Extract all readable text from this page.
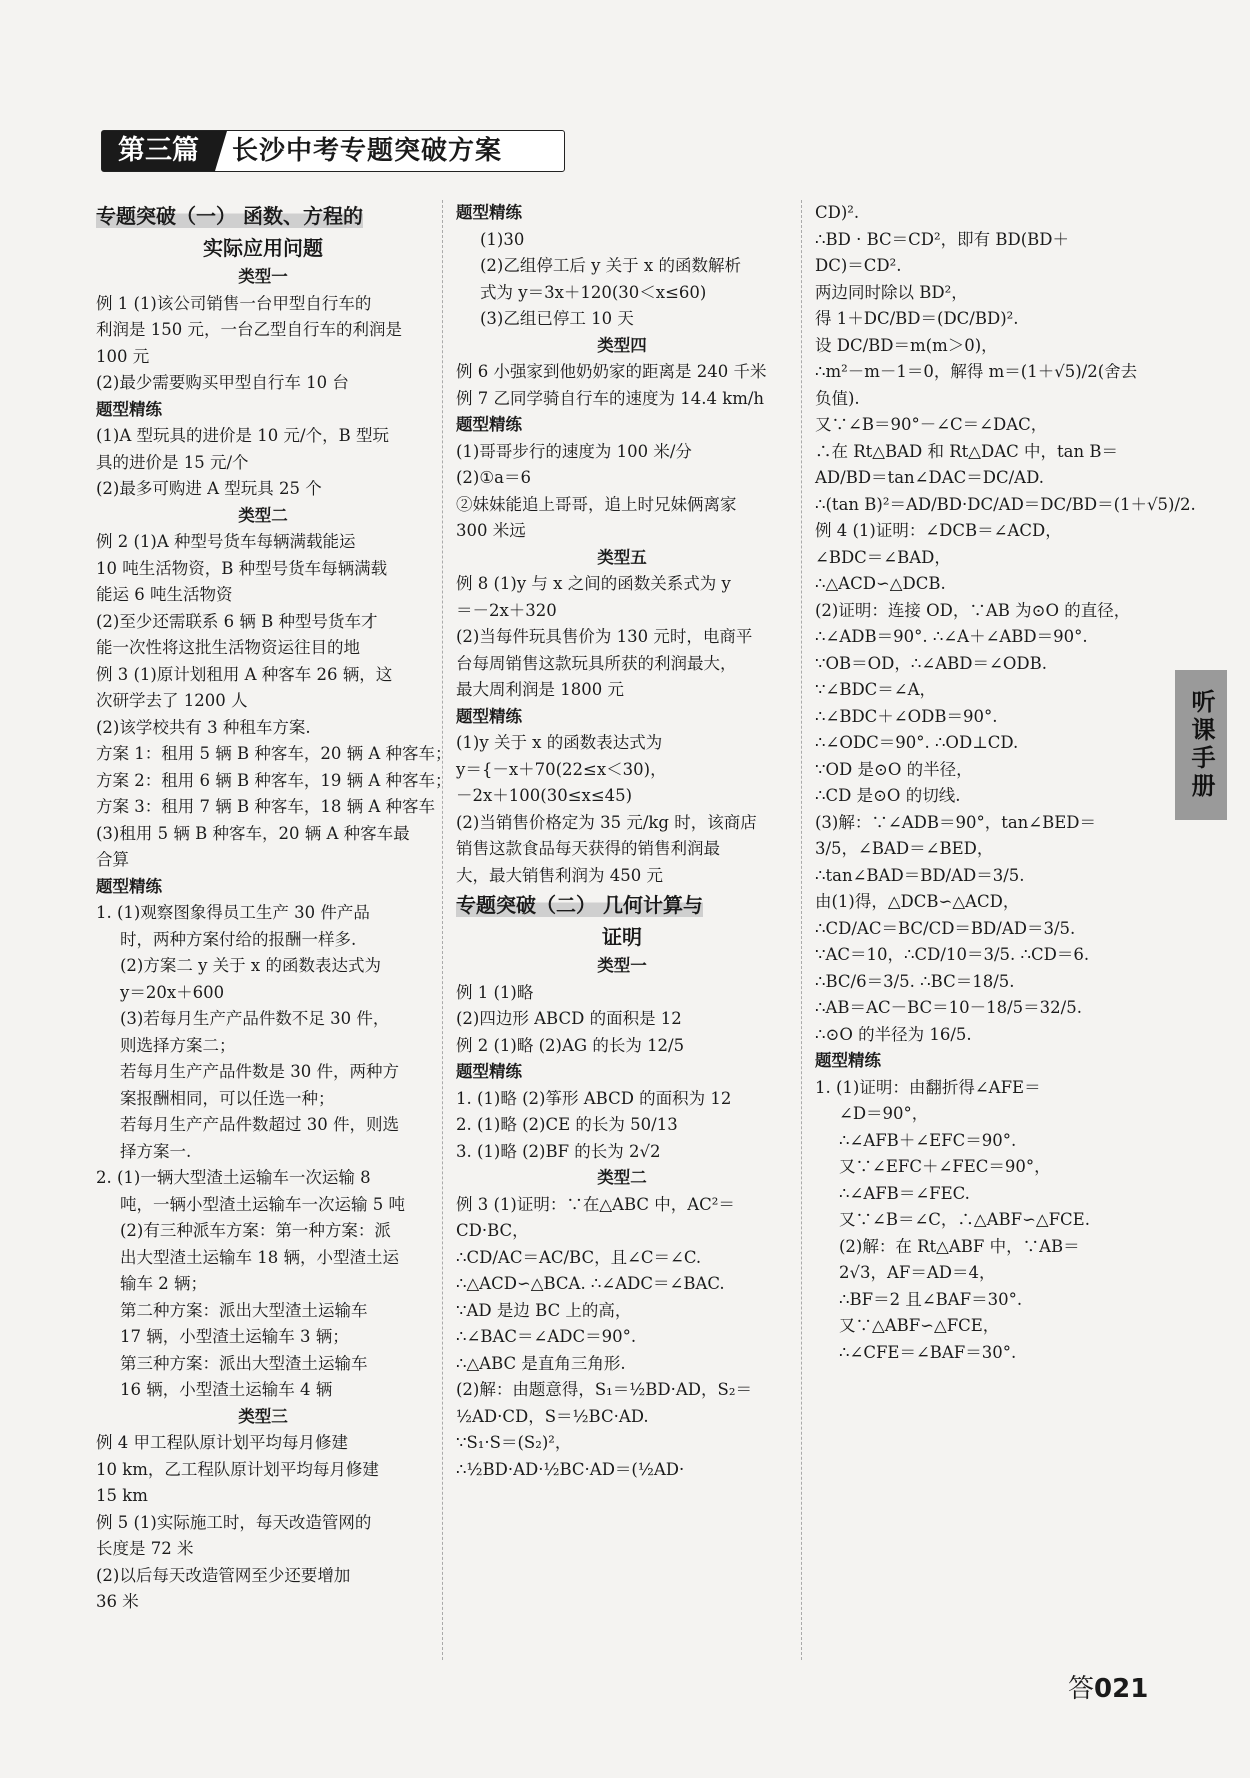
第三篇	长沙中考专题突破方案
专题突破（一） 函数、方程的
实际应用问题
类型一
例 1 (1)该公司销售一台甲型自行车的
利润是 150 元，一台乙型自行车的利润是
100 元
(2)最少需要购买甲型自行车 10 台
题型精练
(1)A 型玩具的进价是 10 元/个，B 型玩
具的进价是 15 元/个
(2)最多可购进 A 型玩具 25 个
类型二
例 2 (1)A 种型号货车每辆满载能运
10 吨生活物资，B 种型号货车每辆满载
能运 6 吨生活物资
(2)至少还需联系 6 辆 B 种型号货车才
能一次性将这批生活物资运往目的地
例 3 (1)原计划租用 A 种客车 26 辆，这
次研学去了 1200 人
(2)该学校共有 3 种租车方案.
方案 1：租用 5 辆 B 种客车，20 辆 A 种客车；
方案 2：租用 6 辆 B 种客车，19 辆 A 种客车；
方案 3：租用 7 辆 B 种客车，18 辆 A 种客车
(3)租用 5 辆 B 种客车，20 辆 A 种客车最
合算
题型精练
1. (1)观察图象得员工生产 30 件产品
时，两种方案付给的报酬一样多.
(2)方案二 y 关于 x 的函数表达式为
y＝20x＋600
(3)若每月生产产品件数不足 30 件，
则选择方案二；
若每月生产产品件数是 30 件，两种方
案报酬相同，可以任选一种；
若每月生产产品件数超过 30 件，则选
择方案一.
2. (1)一辆大型渣土运输车一次运输 8
吨，一辆小型渣土运输车一次运输 5 吨
(2)有三种派车方案：第一种方案：派
出大型渣土运输车 18 辆，小型渣土运
输车 2 辆；
第二种方案：派出大型渣土运输车
17 辆，小型渣土运输车 3 辆；
第三种方案：派出大型渣土运输车
16 辆，小型渣土运输车 4 辆
类型三
例 4 甲工程队原计划平均每月修建
10 km，乙工程队原计划平均每月修建
15 km
例 5 (1)实际施工时，每天改造管网的
长度是 72 米
(2)以后每天改造管网至少还要增加
36 米
题型精练
(1)30
(2)乙组停工后 y 关于 x 的函数解析
式为 y＝3x＋120(30＜x≤60)
(3)乙组已停工 10 天
类型四
例 6 小强家到他奶奶家的距离是 240 千米
例 7 乙同学骑自行车的速度为 14.4 km/h
题型精练
(1)哥哥步行的速度为 100 米/分
(2)①a＝6
②妹妹能追上哥哥，追上时兄妹俩离家
300 米远
类型五
例 8 (1)y 与 x 之间的函数关系式为 y
＝－2x＋320
(2)当每件玩具售价为 130 元时，电商平
台每周销售这款玩具所获的利润最大，
最大周利润是 1800 元
题型精练
(1)y 关于 x 的函数表达式为
y＝{－x＋70(22≤x＜30)，
－2x＋100(30≤x≤45)
(2)当销售价格定为 35 元/kg 时，该商店
销售这款食品每天获得的销售利润最
大，最大销售利润为 450 元
专题突破（二） 几何计算与
证明
类型一
例 1 (1)略
(2)四边形 ABCD 的面积是 12
例 2 (1)略 (2)AG 的长为 12/5
题型精练
1. (1)略 (2)筝形 ABCD 的面积为 12
2. (1)略 (2)CE 的长为 50/13
3. (1)略 (2)BF 的长为 2√2
类型二
例 3 (1)证明：∵在△ABC 中，AC²＝
CD·BC，
∴CD/AC＝AC/BC，且∠C＝∠C.
∴△ACD∽△BCA. ∴∠ADC＝∠BAC.
∵AD 是边 BC 上的高，
∴∠BAC＝∠ADC＝90°.
∴△ABC 是直角三角形.
(2)解：由题意得，S₁＝½BD·AD，S₂＝
½AD·CD，S＝½BC·AD.
∵S₁·S＝(S₂)²，
∴½BD·AD·½BC·AD＝(½AD·
CD)².
∴BD · BC＝CD²，即有 BD(BD＋
DC)＝CD².
两边同时除以 BD²，
得 1＋DC/BD＝(DC/BD)².
设 DC/BD＝m(m＞0)，
∴m²－m－1＝0，解得 m＝(1＋√5)/2(舍去
负值).
又∵∠B＝90°－∠C＝∠DAC，
∴在 Rt△BAD 和 Rt△DAC 中，tan B＝
AD/BD＝tan∠DAC＝DC/AD.
∴(tan B)²＝AD/BD·DC/AD＝DC/BD＝(1＋√5)/2.
例 4 (1)证明：∠DCB＝∠ACD，
∠BDC＝∠BAD，
∴△ACD∽△DCB.
(2)证明：连接 OD，∵AB 为⊙O 的直径，
∴∠ADB＝90°. ∴∠A＋∠ABD＝90°.
∵OB＝OD，∴∠ABD＝∠ODB.
∵∠BDC＝∠A，
∴∠BDC＋∠ODB＝90°.
∴∠ODC＝90°. ∴OD⊥CD.
∵OD 是⊙O 的半径，
∴CD 是⊙O 的切线.
(3)解：∵∠ADB＝90°，tan∠BED＝
3/5，∠BAD＝∠BED，
∴tan∠BAD＝BD/AD＝3/5.
由(1)得，△DCB∽△ACD，
∴CD/AC＝BC/CD＝BD/AD＝3/5.
∵AC＝10，∴CD/10＝3/5. ∴CD＝6.
∴BC/6＝3/5. ∴BC＝18/5.
∴AB＝AC－BC＝10－18/5＝32/5.
∴⊙O 的半径为 16/5.
题型精练
1. (1)证明：由翻折得∠AFE＝
∠D＝90°，
∴∠AFB＋∠EFC＝90°.
又∵∠EFC＋∠FEC＝90°，
∴∠AFB＝∠FEC.
又∵∠B＝∠C，∴△ABF∽△FCE.
(2)解：在 Rt△ABF 中，∵AB＝
2√3，AF＝AD＝4，
∴BF＝2 且∠BAF＝30°.
又∵△ABF∽△FCE，
∴∠CFE＝∠BAF＝30°.
听课手册
答021
